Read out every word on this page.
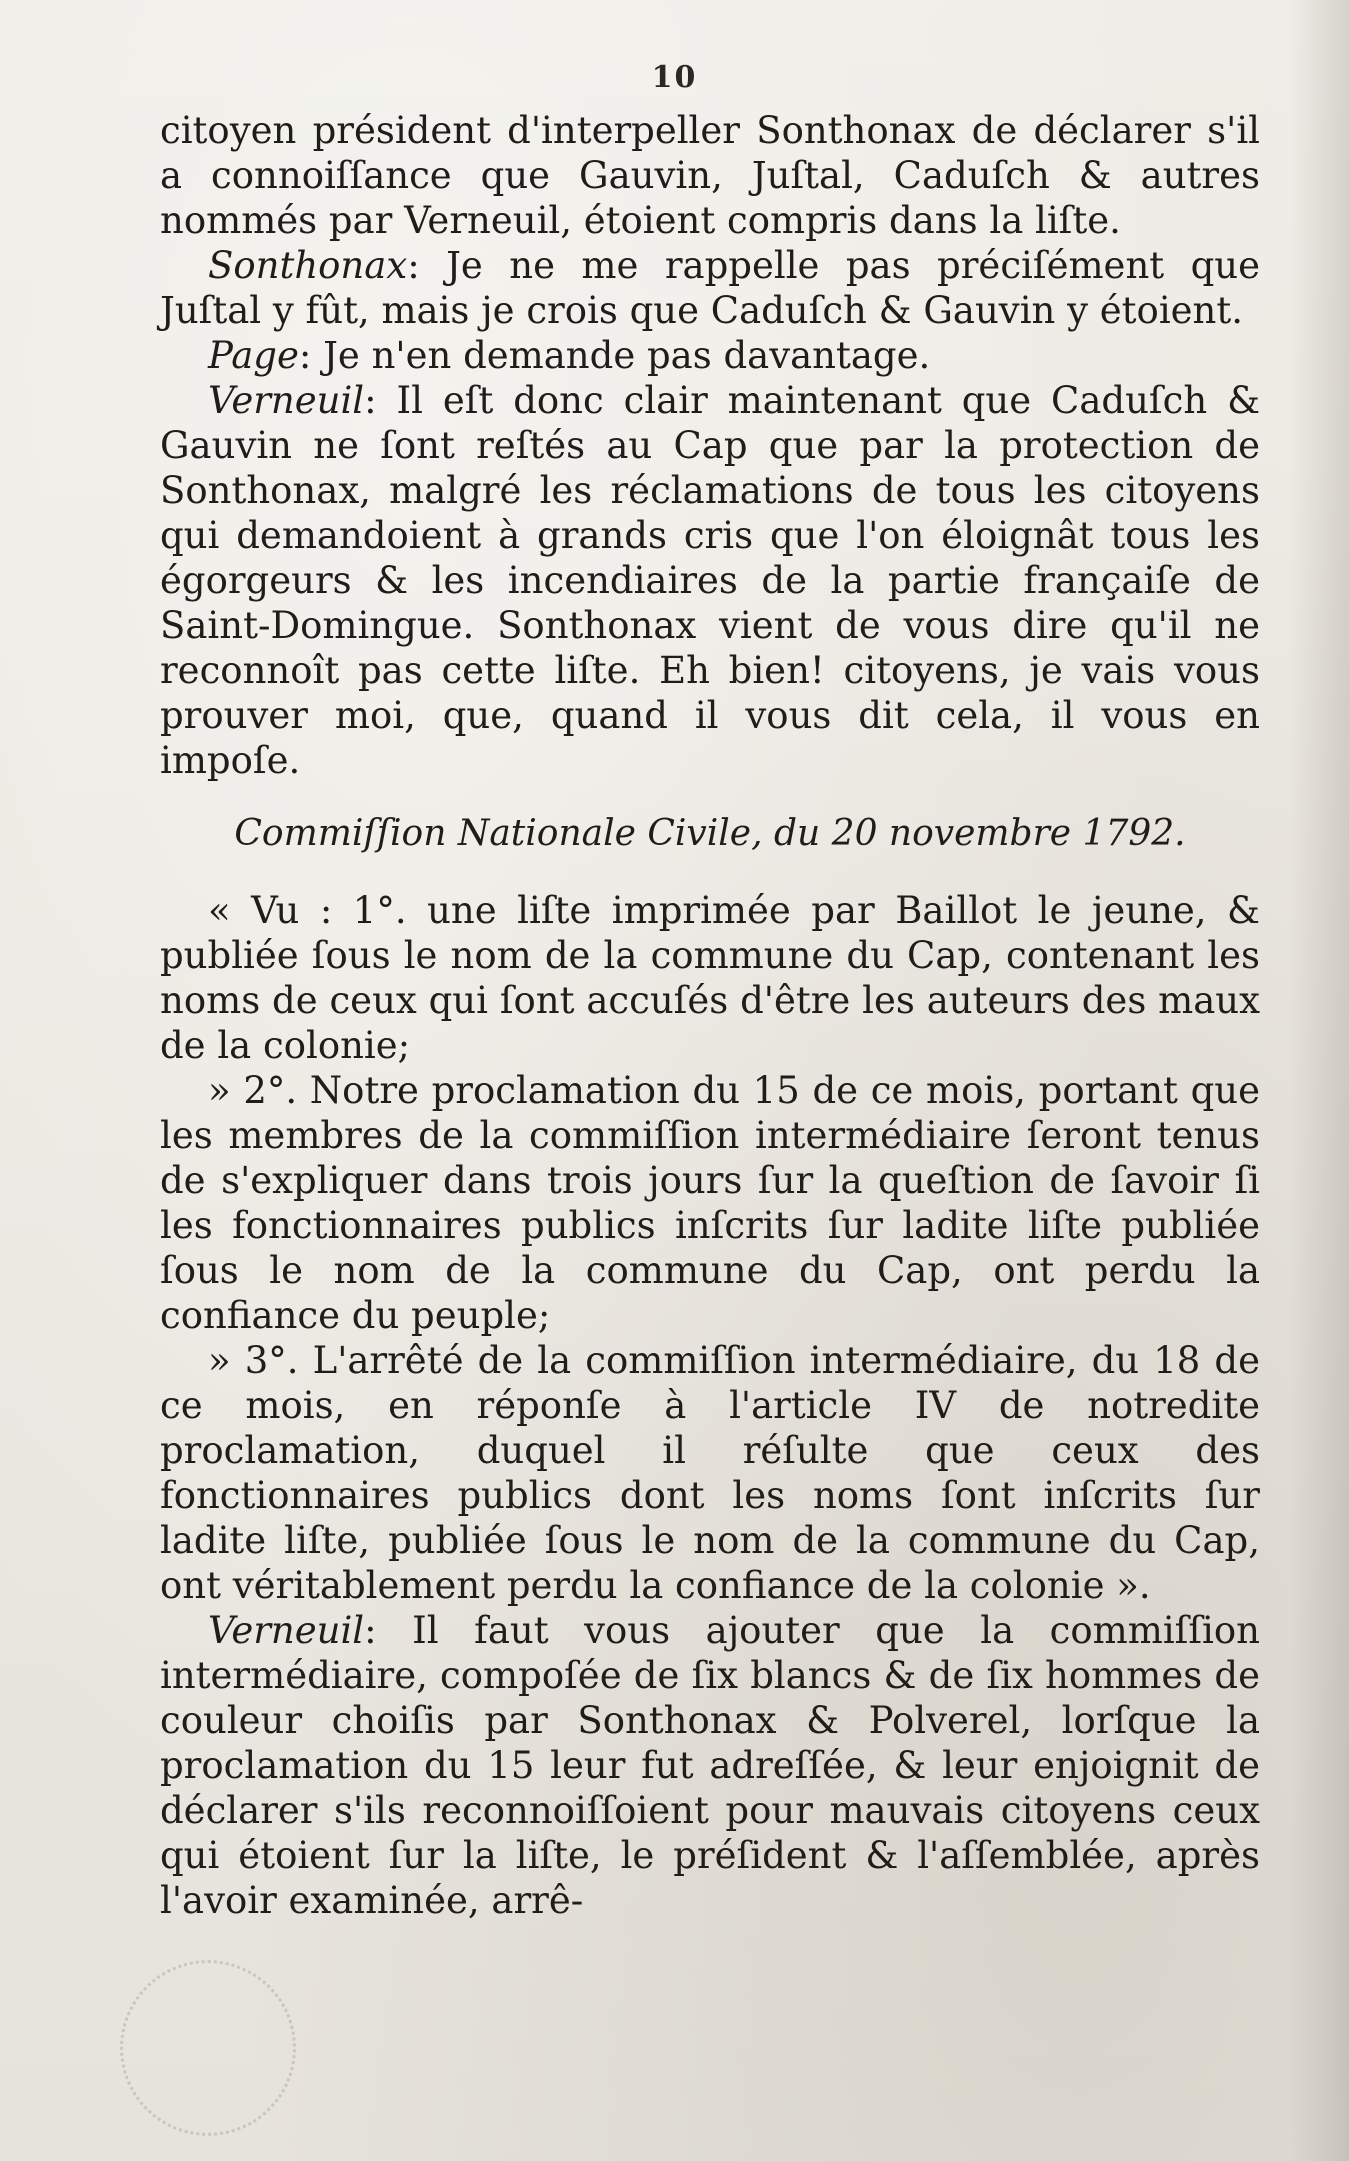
10

citoyen président d'interpeller Sonthonax de déclarer s'il a connoiſſance que Gauvin, Juſtal, Caduſch & autres nommés par Verneuil, étoient compris dans la liſte.

Sonthonax: Je ne me rappelle pas préciſément que Juſtal y fût, mais je crois que Caduſch & Gauvin y étoient.

Page: Je n'en demande pas davantage.

Verneuil: Il eſt donc clair maintenant que Caduſch & Gauvin ne ſont reſtés au Cap que par la protection de Sonthonax, malgré les réclamations de tous les citoyens qui demandoient à grands cris que l'on éloignât tous les égorgeurs & les incendiaires de la partie françaiſe de Saint-Domingue. Sonthonax vient de vous dire qu'il ne reconnoît pas cette liſte. Eh bien! citoyens, je vais vous prouver moi, que, quand il vous dit cela, il vous en impoſe.

Commiſſion Nationale Civile, du 20 novembre 1792.

« Vu : 1°. une liſte imprimée par Baillot le jeune, & publiée ſous le nom de la commune du Cap, contenant les noms de ceux qui ſont accuſés d'être les auteurs des maux de la colonie;

» 2°. Notre proclamation du 15 de ce mois, portant que les membres de la commiſſion intermédiaire ſeront tenus de s'expliquer dans trois jours ſur la queſtion de ſavoir ſi les fonctionnaires publics inſcrits ſur ladite liſte publiée ſous le nom de la commune du Cap, ont perdu la confiance du peuple;

» 3°. L'arrêté de la commiſſion intermédiaire, du 18 de ce mois, en réponſe à l'article IV de notredite proclamation, duquel il réſulte que ceux des fonctionnaires publics dont les noms ſont inſcrits ſur ladite liſte, publiée ſous le nom de la commune du Cap, ont véritablement perdu la confiance de la colonie ».

Verneuil: Il faut vous ajouter que la commiſſion intermédiaire, compoſée de ſix blancs & de ſix hommes de couleur choiſis par Sonthonax & Polverel, lorſque la proclamation du 15 leur fut adreſſée, & leur enjoignit de déclarer s'ils reconnoiſſoient pour mauvais citoyens ceux qui étoient ſur la liſte, le préſident & l'aſſemblée, après l'avoir examinée, arrê-
